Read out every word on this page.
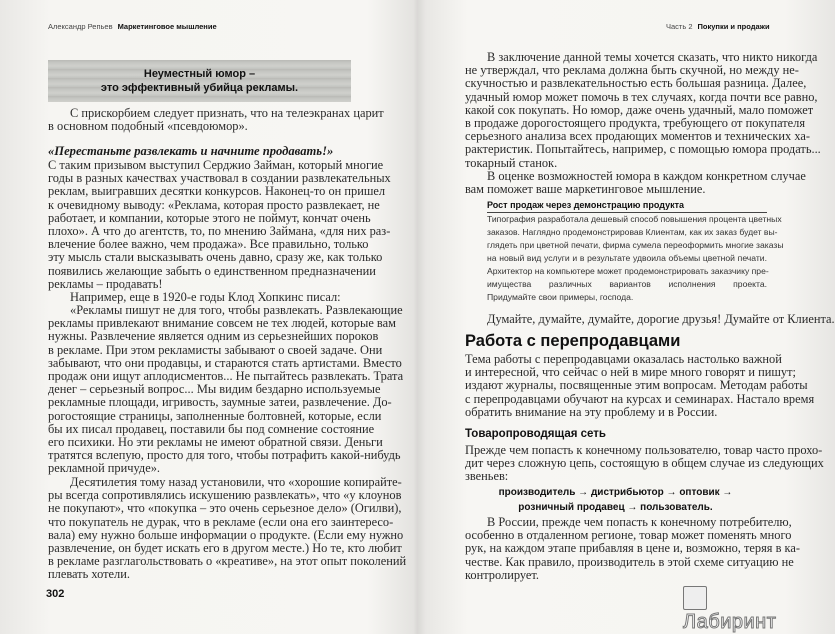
Александр Репьев Маркетинговое мышление
Неуместный юмор –
это эффективный убийца рекламы.
С прискорбием следует признать, что на телеэкранах царит
в основном подобный «псевдоюмор».
«Перестаньте развлекать и начните продавать!»
С таким призывом выступил Серджио Займан, который многие
годы в разных качествах участвовал в создании развлекательных
реклам, выигравших десятки конкурсов. Наконец-то он пришел
к очевидному выводу: «Реклама, которая просто развлекает, не
работает, и компании, которые этого не поймут, кончат очень
плохо». А что до агентств, то, по мнению Займана, «для них раз-
влечение более важно, чем продажа». Все правильно, только
эту мысль стали высказывать очень давно, сразу же, как только
появились желающие забыть о единственном предназначении
рекламы – продавать!
Например, еще в 1920-е годы Клод Хопкинс писал:
«Рекламы пишут не для того, чтобы развлекать. Развлекающие
рекламы привлекают внимание совсем не тех людей, которые вам
нужны. Развлечение является одним из серьезнейших пороков
в рекламе. При этом рекламисты забывают о своей задаче. Они
забывают, что они продавцы, и стараются стать артистами. Вместо
продаж они ищут аплодисментов... Не пытайтесь развлекать. Трата
денег – серьезный вопрос... Мы видим бездарно используемые
рекламные площади, игривость, заумные затеи, развлечение. До-
рогостоящие страницы, заполненные болтовней, которые, если
бы их писал продавец, поставили бы под сомнение состояние
его психики. Но эти рекламы не имеют обратной связи. Деньги
тратятся вслепую, просто для того, чтобы потрафить какой-нибудь
рекламной причуде».
Десятилетия тому назад установили, что «хорошие копирайте-
ры всегда сопротивлялись искушению развлекать», что «у клоунов
не покупают», что «покупка – это очень серьезное дело» (Огилви),
что покупатель не дурак, что в рекламе (если она его заинтересо-
вала) ему нужно больше информации о продукте. (Если ему нужно
развлечение, он будет искать его в другом месте.) Но те, кто любит
в рекламе разглагольствовать о «креативе», на этот опыт поколений
плевать хотели.
302
Часть 2 Покупки и продажи
В заключение данной темы хочется сказать, что никто никогда
не утверждал, что реклама должна быть скучной, но между не-
скучностью и развлекательностью есть большая разница. Далее,
удачный юмор может помочь в тех случаях, когда почти все равно,
какой сок покупать. Но юмор, даже очень удачный, мало поможет
в продаже дорогостоящего продукта, требующего от покупателя
серьезного анализа всех продающих моментов и технических ха-
рактеристик. Попытайтесь, например, с помощью юмора продать...
токарный станок.
В оценке возможностей юмора в каждом конкретном случае
вам поможет ваше маркетинговое мышление.
Рост продаж через демонстрацию продукта
Типография разработала дешевый способ повышения процента цветных
заказов. Наглядно продемонстрировав Клиентам, как их заказ будет вы-
глядеть при цветной печати, фирма сумела переоформить многие заказы
на новый вид услуги и в результате удвоила объемы цветной печати.
Архитектор на компьютере может продемонстрировать заказчику пре-
имущества различных вариантов исполнения проекта.
Придумайте свои примеры, господа.
Думайте, думайте, думайте, дорогие друзья! Думайте от Клиента.
Работа с перепродавцами
Тема работы с перепродавцами оказалась настолько важной
и интересной, что сейчас о ней в мире много говорят и пишут;
издают журналы, посвященные этим вопросам. Методам работы
с перепродавцами обучают на курсах и семинарах. Настало время
обратить внимание на эту проблему и в России.
Товаропроводящая сеть
Прежде чем попасть к конечному пользователю, товар часто прохо-
дит через сложную цепь, состоящую в общем случае из следующих
звеньев:
производитель → дистрибьютор → оптовик →
розничный продавец → пользователь.
В России, прежде чем попасть к конечному потребителю,
особенно в отдаленном регионе, товар может поменять много
рук, на каждом этапе прибавляя в цене и, возможно, теряя в ка-
честве. Как правило, производитель в этой схеме ситуацию не
контролирует.
Лабиринт
